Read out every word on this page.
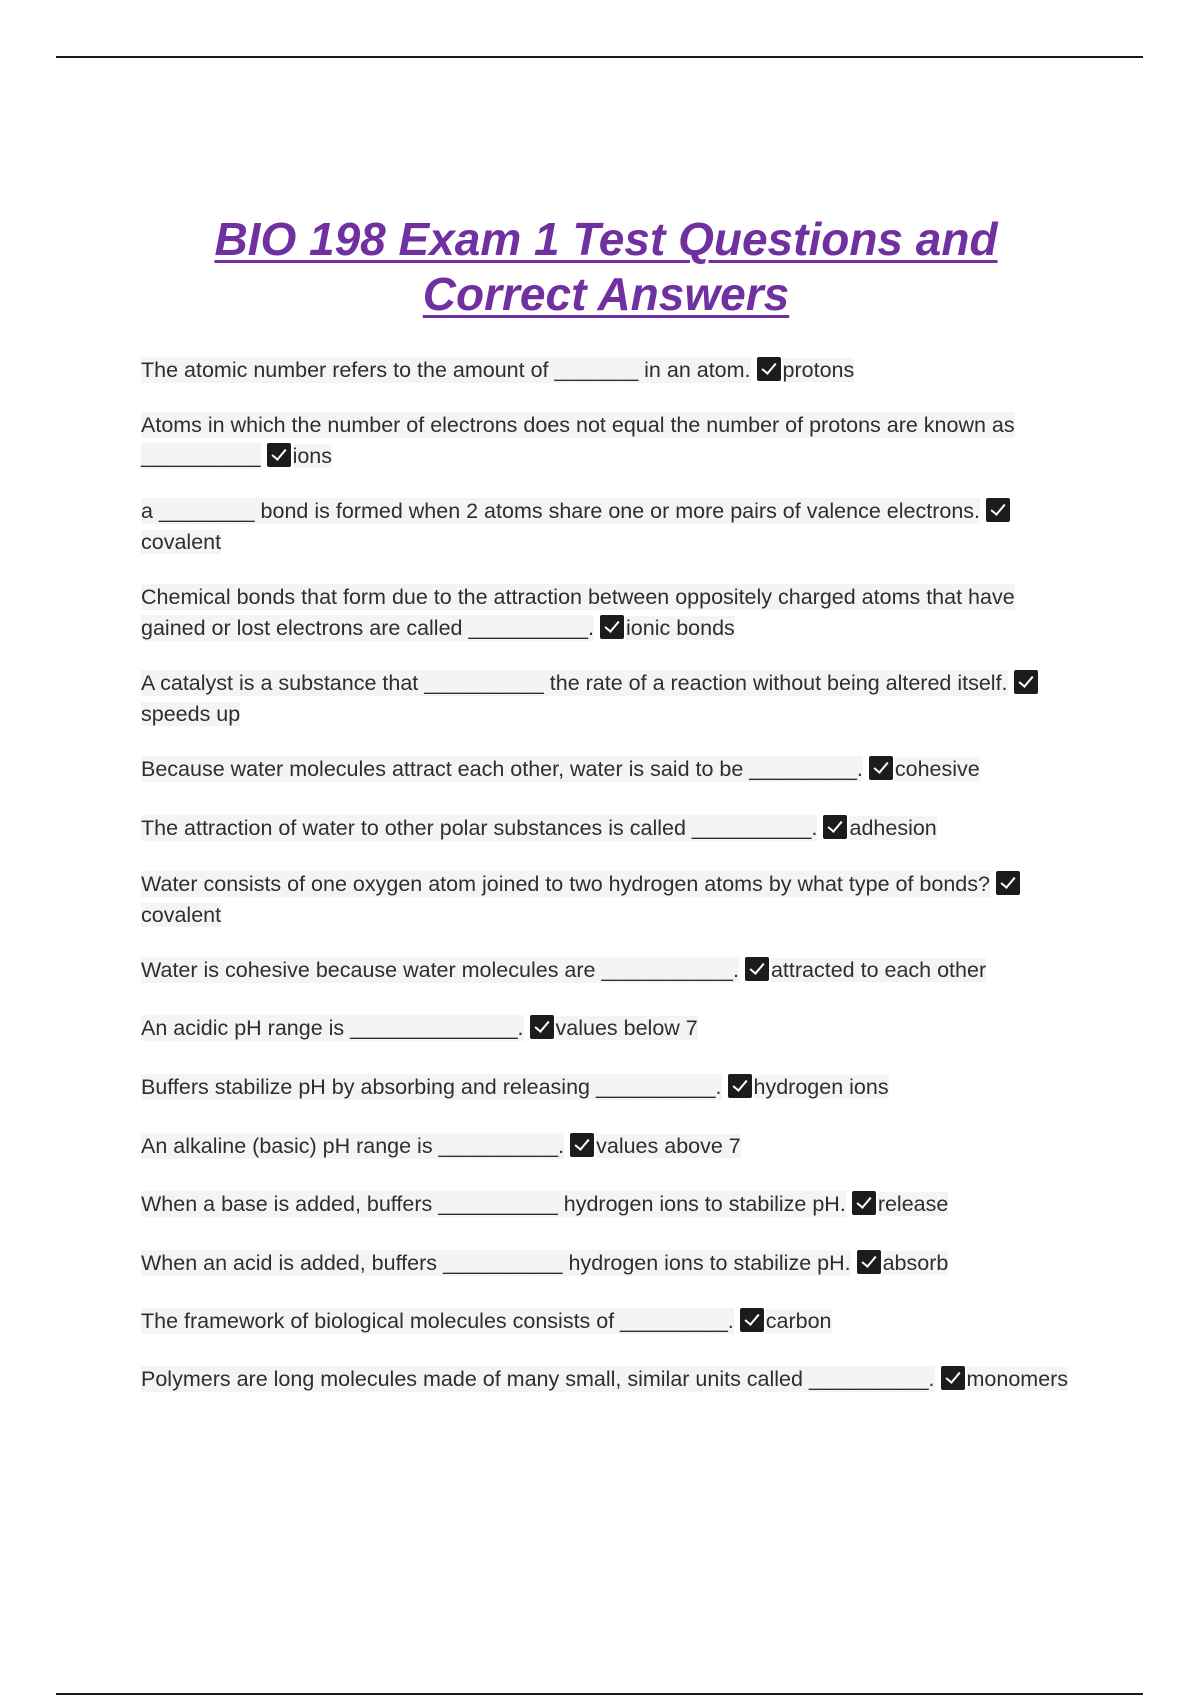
BIO 198 Exam 1 Test Questions and
Correct Answers
The atomic number refers to the amount of _______ in an atom. protons
Atoms in which the number of electrons does not equal the number of protons are known as __________ ions
a ________ bond is formed when 2 atoms share one or more pairs of valence electrons.covalent
Chemical bonds that form due to the attraction between oppositely charged atoms that have gained or lost electrons are called __________. ionic bonds
A catalyst is a substance that __________ the rate of a reaction without being altered itself.speeds up
Because water molecules attract each other, water is said to be _________. cohesive
The attraction of water to other polar substances is called __________. adhesion
Water consists of one oxygen atom joined to two hydrogen atoms by what type of bonds?covalent
Water is cohesive because water molecules are ___________. attracted to each other
An acidic pH range is ______________. values below 7
Buffers stabilize pH by absorbing and releasing __________. hydrogen ions
An alkaline (basic) pH range is __________. values above 7
When a base is added, buffers __________ hydrogen ions to stabilize pH. release
When an acid is added, buffers __________ hydrogen ions to stabilize pH. absorb
The framework of biological molecules consists of _________. carbon
Polymers are long molecules made of many small, similar units called __________. monomers
